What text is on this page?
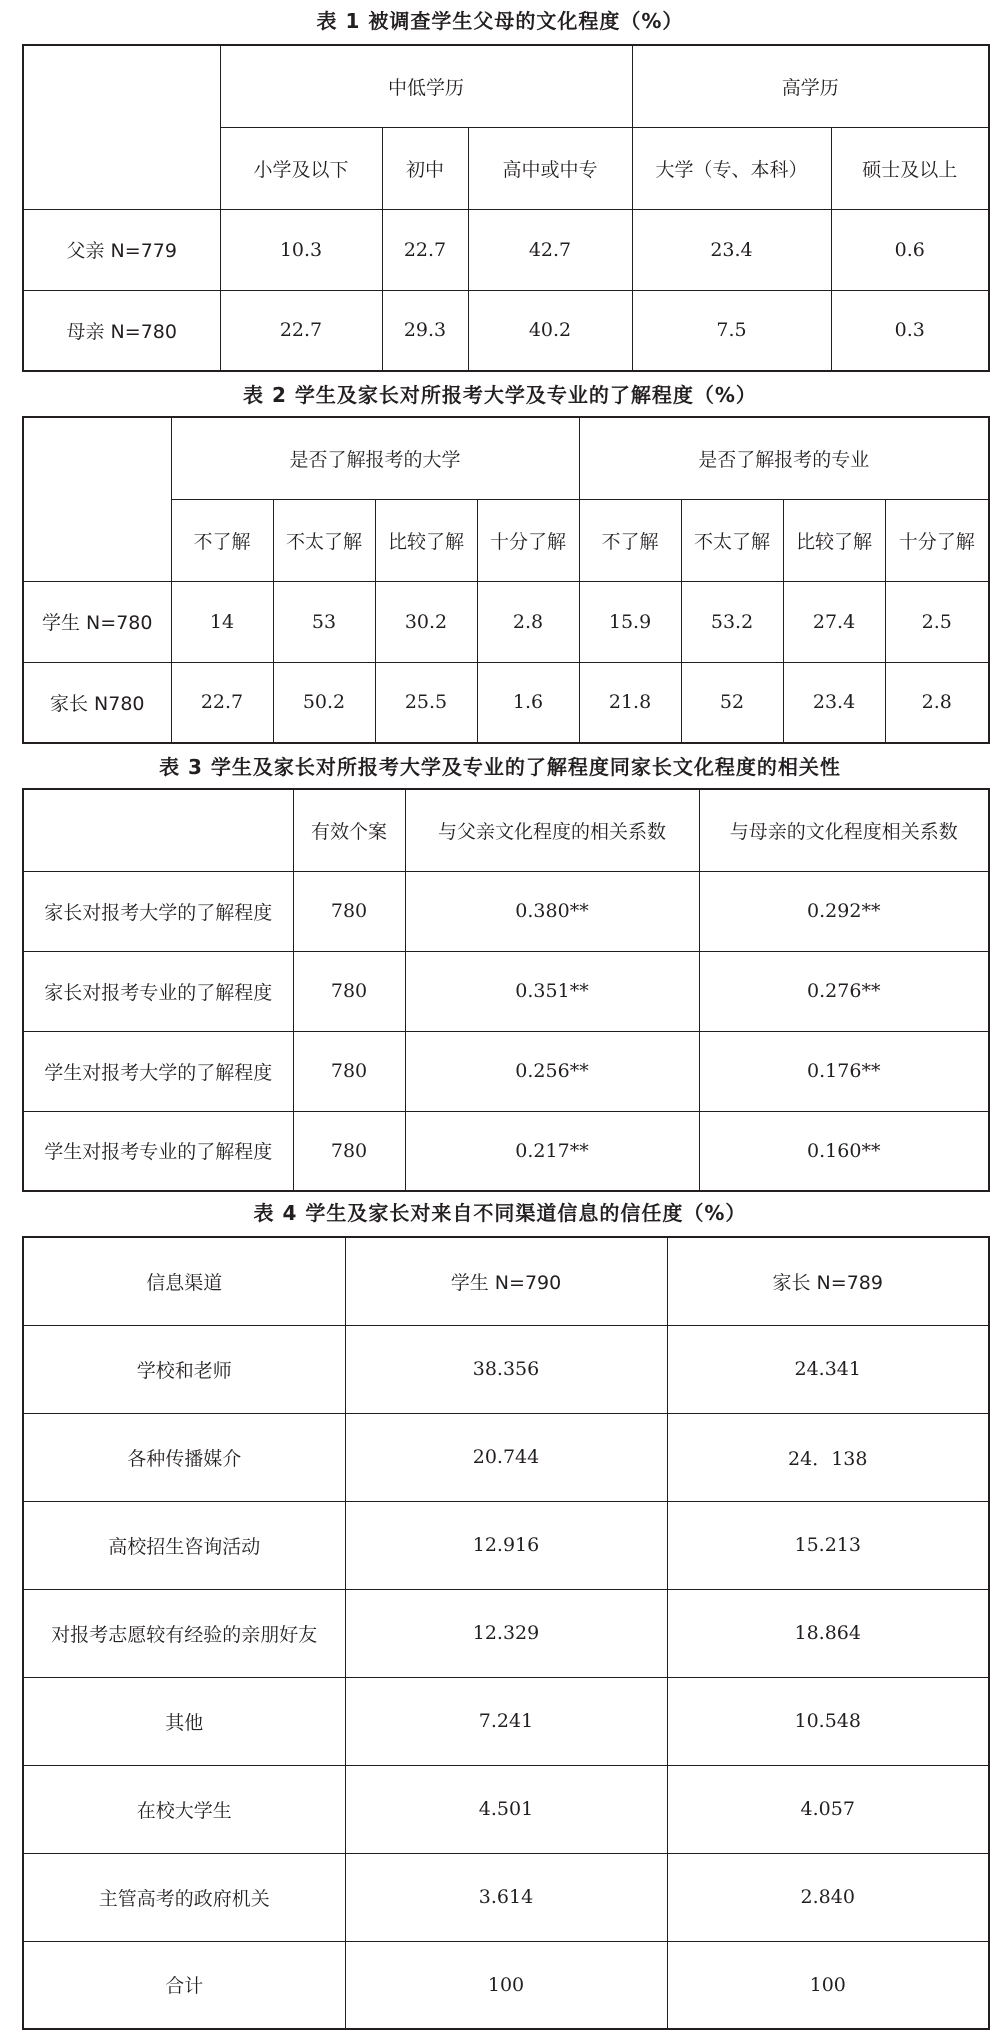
表 1 被调查学生父母的文化程度（%）
	中低学历			高学历	
	小学及以下	初中	高中或中专	大学（专、本科）	硕士及以上
父亲 N=779	10.3	22.7	42.7	23.4	0.6
母亲 N=780	22.7	29.3	40.2	7.5	0.3
表 2 学生及家长对所报考大学及专业的了解程度（%）
	是否了解报考的大学				是否了解报考的专业			
	不了解	不太了解	比较了解	十分了解	不了解	不太了解	比较了解	十分了解
学生 N=780	14	53	30.2	2.8	15.9	53.2	27.4	2.5
家长 N780	22.7	50.2	25.5	1.6	21.8	52	23.4	2.8
表 3 学生及家长对所报考大学及专业的了解程度同家长文化程度的相关性
	有效个案	与父亲文化程度的相关系数	与母亲的文化程度相关系数
家长对报考大学的了解程度	780	0.380**	0.292**
家长对报考专业的了解程度	780	0.351**	0.276**
学生对报考大学的了解程度	780	0.256**	0.176**
学生对报考专业的了解程度	780	0.217**	0.160**
表 4 学生及家长对来自不同渠道信息的信任度（%）
信息渠道	学生 N=790	家长 N=789
学校和老师	38.356	24.341
各种传播媒介	20.744	24．138
高校招生咨询活动	12.916	15.213
对报考志愿较有经验的亲朋好友	12.329	18.864
其他	7.241	10.548
在校大学生	4.501	4.057
主管高考的政府机关	3.614	2.840
合计	100	100
